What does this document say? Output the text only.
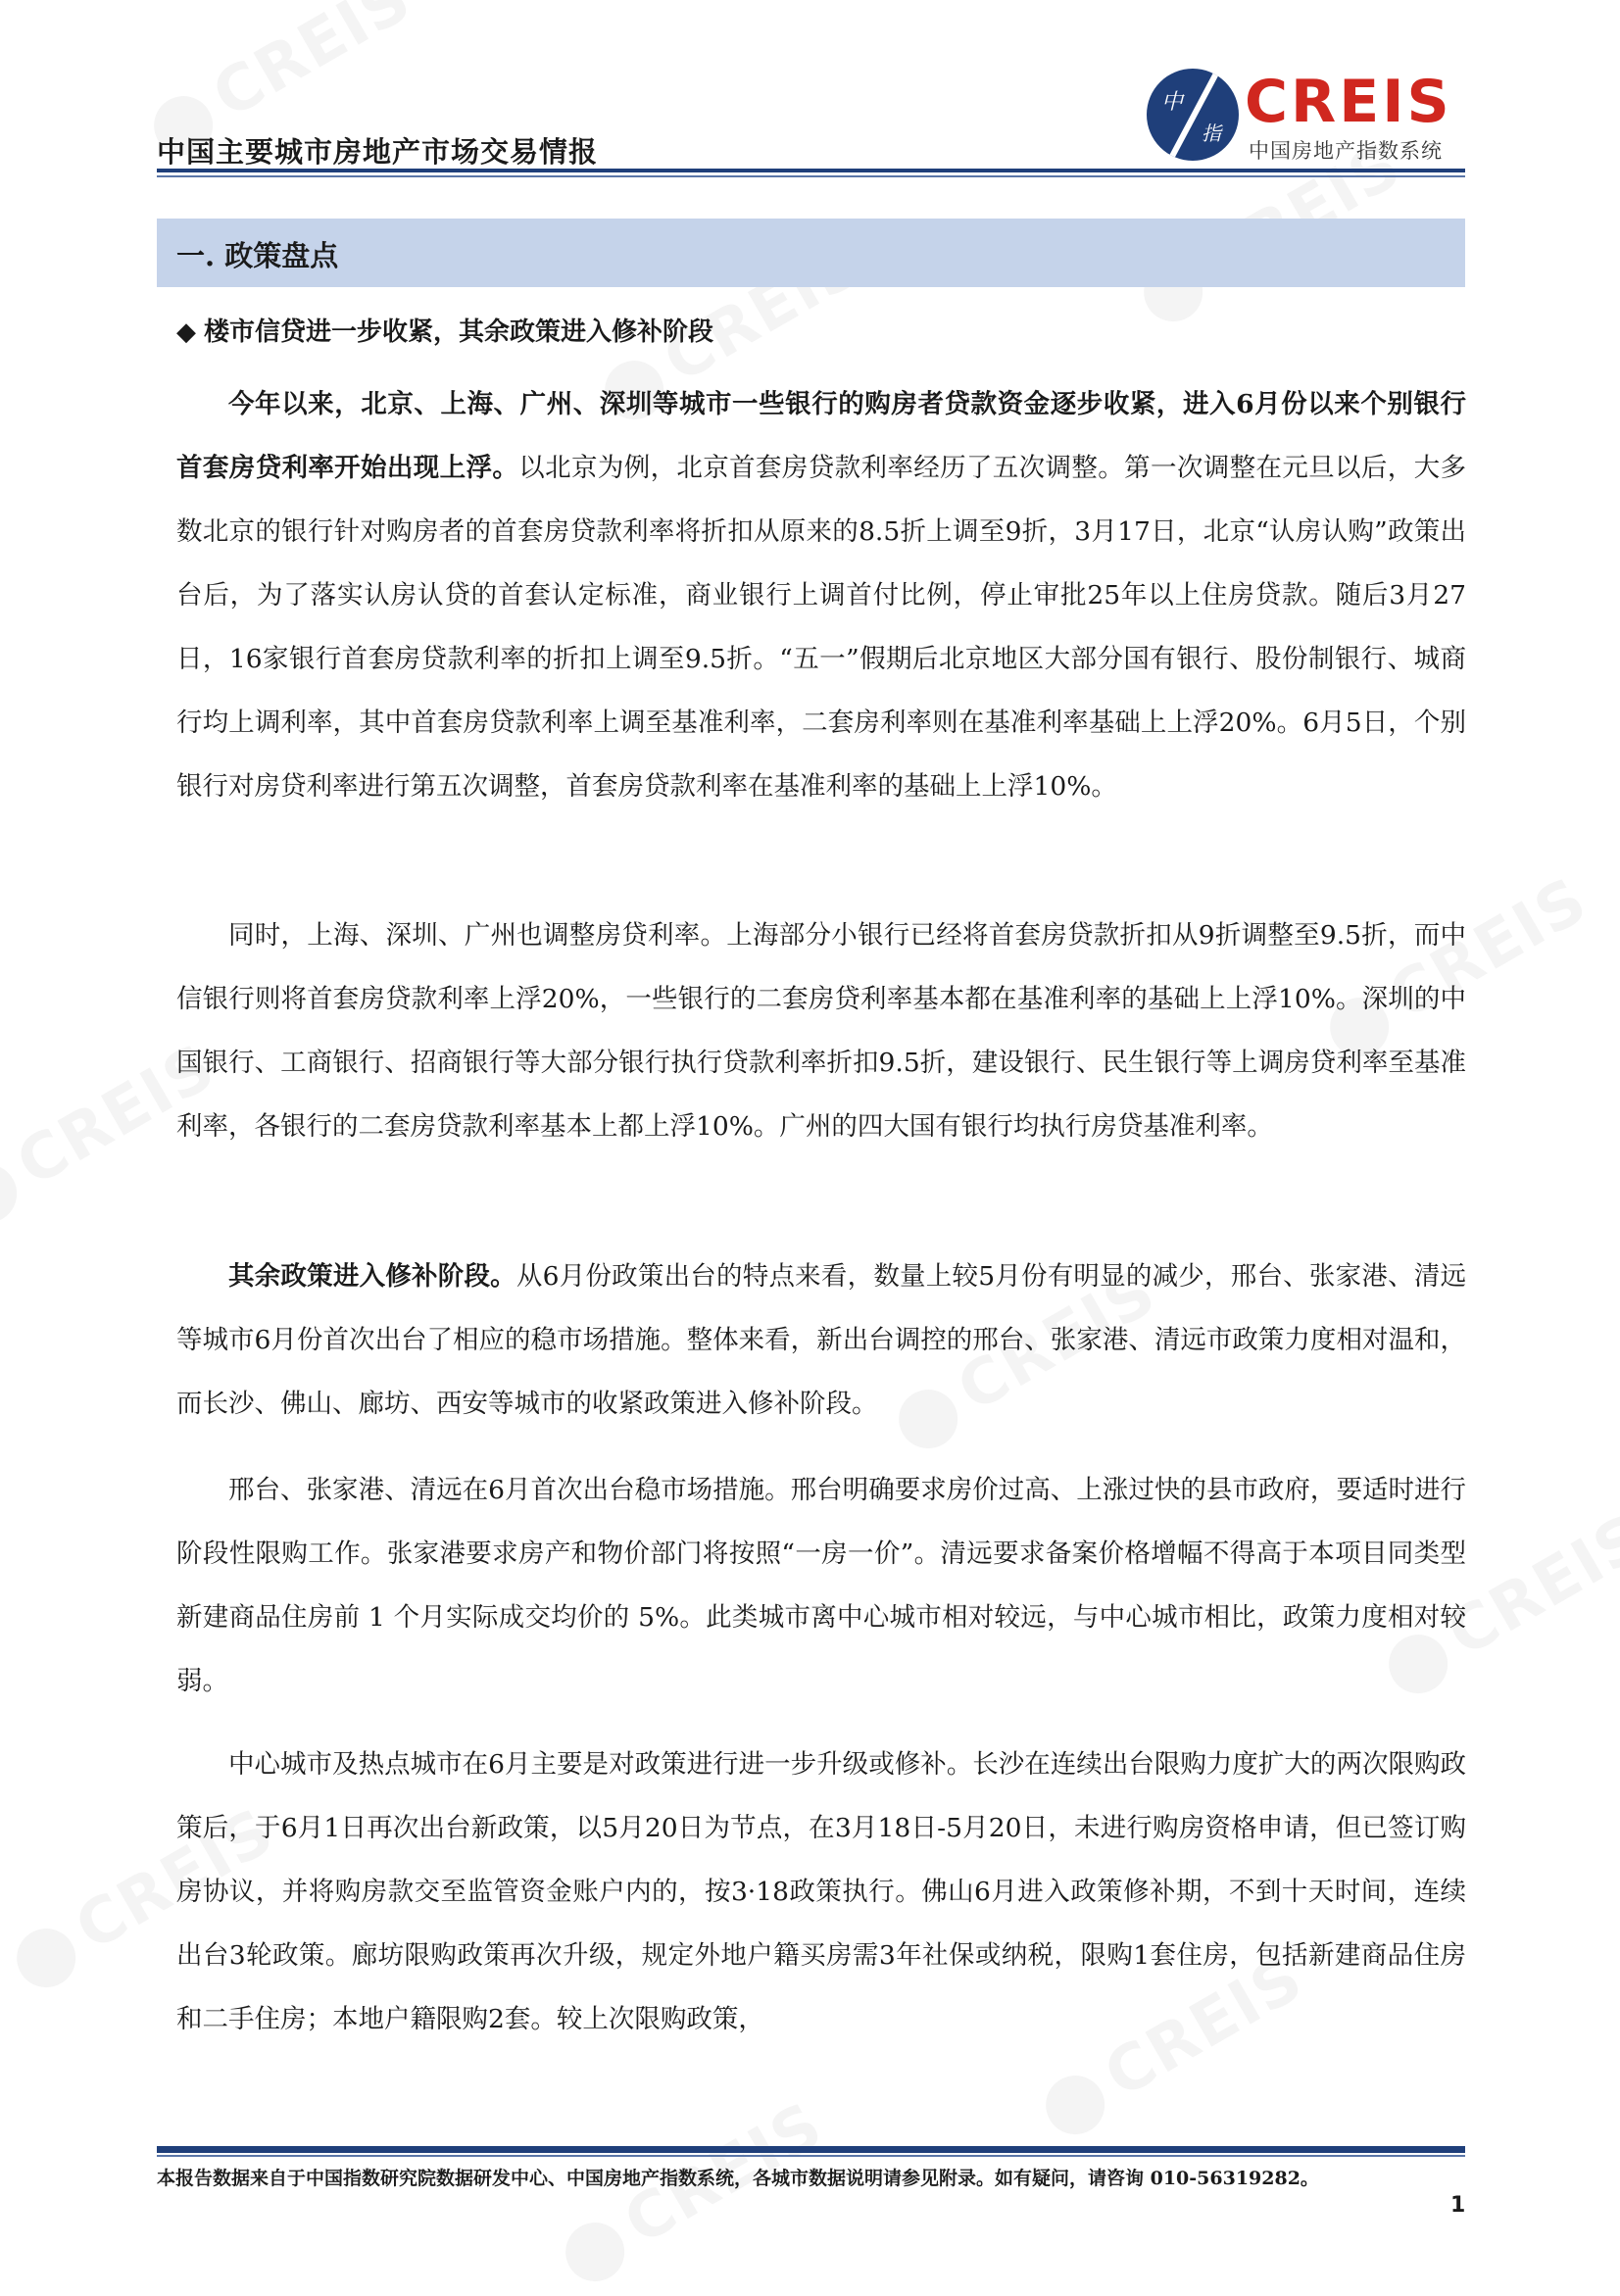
中国主要城市房地产市场交易情报
中
指 CREIS
中国房地产指数系统
一. 政策盘点
◆ 楼市信贷进一步收紧，其余政策进入修补阶段

今年以来，北京、上海、广州、深圳等城市一些银行的购房者贷款资金逐步收紧，进入6月份以来个别银行首套房贷利率开始出现上浮。以北京为例，北京首套房贷款利率经历了五次调整。第一次调整在元旦以后，大多数北京的银行针对购房者的首套房贷款利率将折扣从原来的8.5折上调至9折，3月17日，北京“认房认购”政策出台后，为了落实认房认贷的首套认定标准，商业银行上调首付比例，停止审批25年以上住房贷款。随后3月27日，16家银行首套房贷款利率的折扣上调至9.5折。“五一”假期后北京地区大部分国有银行、股份制银行、城商行均上调利率，其中首套房贷款利率上调至基准利率，二套房利率则在基准利率基础上上浮20%。6月5日，个别银行对房贷利率进行第五次调整，首套房贷款利率在基准利率的基础上上浮10%。

同时，上海、深圳、广州也调整房贷利率。上海部分小银行已经将首套房贷款折扣从9折调整至9.5折，而中信银行则将首套房贷款利率上浮20%，一些银行的二套房贷利率基本都在基准利率的基础上上浮10%。深圳的中国银行、工商银行、招商银行等大部分银行执行贷款利率折扣9.5折，建设银行、民生银行等上调房贷利率至基准利率，各银行的二套房贷款利率基本上都上浮10%。广州的四大国有银行均执行房贷基准利率。

其余政策进入修补阶段。从6月份政策出台的特点来看，数量上较5月份有明显的减少，邢台、张家港、清远等城市6月份首次出台了相应的稳市场措施。整体来看，新出台调控的邢台、张家港、清远市政策力度相对温和，而长沙、佛山、廊坊、西安等城市的收紧政策进入修补阶段。

邢台、张家港、清远在6月首次出台稳市场措施。邢台明确要求房价过高、上涨过快的县市政府，要适时进行阶段性限购工作。张家港要求房产和物价部门将按照“一房一价”。清远要求备案价格增幅不得高于本项目同类型新建商品住房前 1 个月实际成交均价的 5%。此类城市离中心城市相对较远，与中心城市相比，政策力度相对较弱。

中心城市及热点城市在6月主要是对政策进行进一步升级或修补。长沙在连续出台限购力度扩大的两次限购政策后，于6月1日再次出台新政策，以5月20日为节点，在3月18日-5月20日，未进行购房资格申请，但已签订购房协议，并将购房款交至监管资金账户内的，按3·18政策执行。佛山6月进入政策修补期，不到十天时间，连续出台3轮政策。廊坊限购政策再次升级，规定外地户籍买房需3年社保或纳税，限购1套住房，包括新建商品住房和二手住房；本地户籍限购2套。较上次限购政策，

本报告数据来自于中国指数研究院数据研发中心、中国房地产指数系统，各城市数据说明请参见附录。如有疑问，请咨询 010-56319282。
1
